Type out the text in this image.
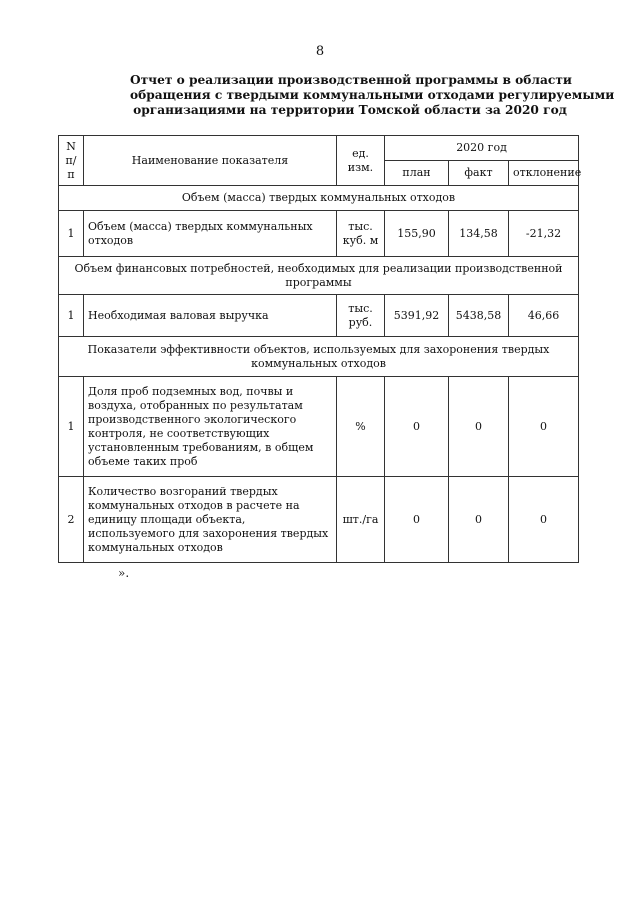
8
Отчет о реализации производственной программы в области
обращения с твердыми коммунальными отходами регулируемыми
организациями на территории Томской области за 2020 год
N п/п	Наименование показателя	ед. изм.	2020 год		
			план	факт	отклонение
Объем (масса) твердых коммунальных отходов					
1	Объем (масса) твердых коммунальных отходов	тыс. куб. м	155,90	134,58	-21,32
Объем финансовых потребностей, необходимых для реализации производственной программы					
1	Необходимая валовая выручка	тыс. руб.	5391,92	5438,58	46,66
Показатели эффективности объектов, используемых для захоронения твердых коммунальных отходов					
1	Доля проб подземных вод, почвы и воздуха, отобранных по результатам производственного экологического контроля, не соответствующих установленным требованиям, в общем объеме таких проб	%	0	0	0
2	Количество возгораний твердых коммунальных отходов в расчете на единицу площади объекта, используемого для захоронения твердых коммунальных отходов	шт./га	0	0	0
».
